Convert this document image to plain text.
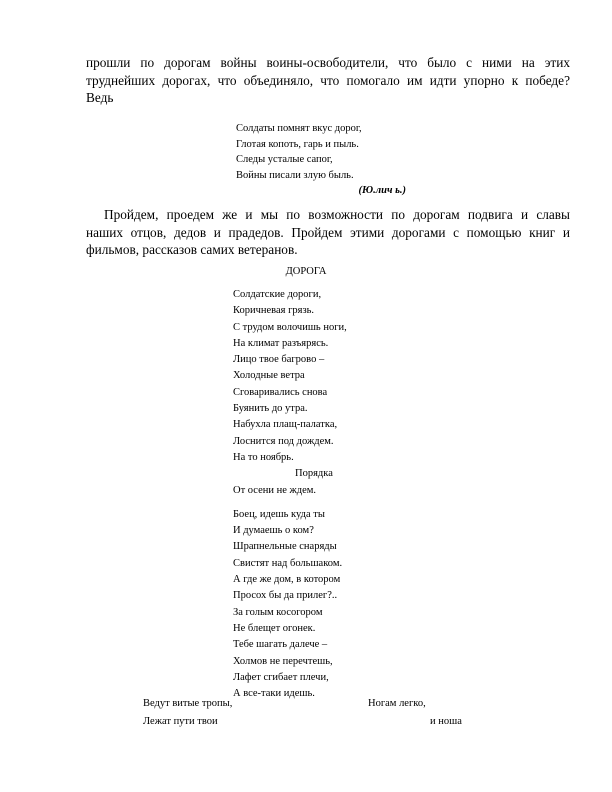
прошли по дорогам войны воины-освободители, что было с ними на этих
труднейших дорогах, что объединяло, что помогало им идти упорно к победе?
Ведь
Солдаты помнят вкус дорог,
Глотая копоть, гарь и пыль.
Следы усталые сапог,
Войны писали злую быль.
(Ю.лич ь.)
Пройдем, проедем же и мы по возможности по дорогам подвига и славы
наших отцов, дедов и прадедов. Пройдем этими дорогами с помощью книг и
фильмов, рассказов самих ветеранов.
ДОРОГА
Солдатские дороги,
Коричневая грязь.
С трудом волочишь ноги,
На климат разъярясь.
Лицо твое багрово –
Холодные ветра
Сговаривались снова
Буянить до утра.
Набухла плащ-палатка,
Лоснится под дождем.
На то ноябрь.
Порядка
От осени не ждем.
Боец, идешь куда ты
И думаешь о ком?
Шрапнельные снаряды
Свистят над большаком.
А где же дом, в котором
Просох бы да прилег?..
За голым косогором
Не блещет огонек.
Тебе шагать далече –
Холмов не перечтешь,
Лафет сгибает плечи,
А все-таки идешь.
Ведут витые тропы,
Лежат пути твои
Ногам легко,
и ноша
